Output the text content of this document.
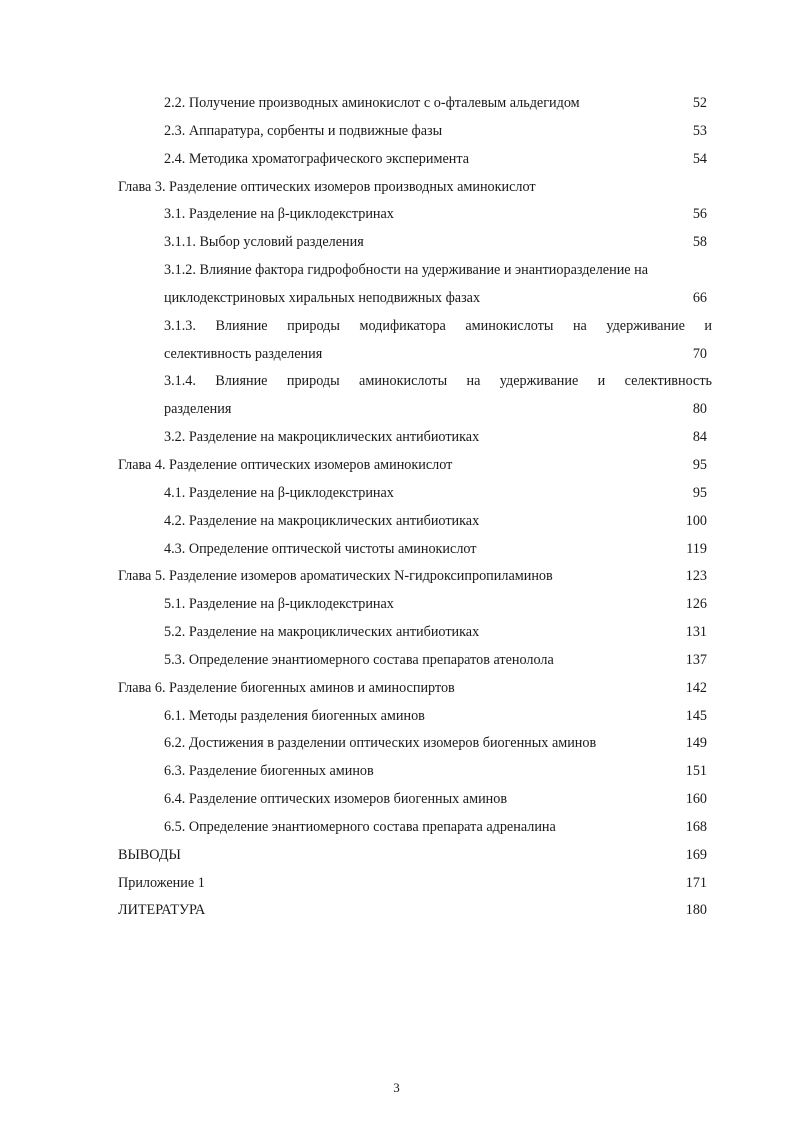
2.2. Получение производных аминокислот с о-фталевым альдегидом	52
2.3. Аппаратура, сорбенты и подвижные фазы	53
2.4. Методика хроматографического эксперимента	54
Глава 3. Разделение оптических изомеров производных аминокислот
3.1. Разделение на β-циклодекстринах	56
3.1.1. Выбор условий разделения	58
3.1.2. Влияние фактора гидрофобности на удерживание и энантиоразделение на
циклодекстриновых хиральных неподвижных фазах	66
3.1.3. Влияние природы модификатора аминокислоты на удерживание и
селективность разделения	70
3.1.4. Влияние природы аминокислоты на удерживание и селективность
разделения	80
3.2. Разделение на макроциклических антибиотиках	84
Глава 4. Разделение оптических изомеров аминокислот	95
4.1. Разделение на β-циклодекстринах	95
4.2. Разделение на макроциклических антибиотиках	100
4.3. Определение оптической чистоты аминокислот	119
Глава 5. Разделение изомеров ароматических N-гидроксипропиламинов	123
5.1. Разделение на β-циклодекстринах	126
5.2. Разделение на макроциклических антибиотиках	131
5.3. Определение энантиомерного состава препаратов атенолола	137
Глава 6. Разделение биогенных аминов и аминоспиртов	142
6.1. Методы разделения биогенных аминов	145
6.2. Достижения в разделении оптических изомеров биогенных аминов	149
6.3. Разделение биогенных аминов	151
6.4. Разделение оптических изомеров биогенных аминов	160
6.5. Определение энантиомерного состава препарата адреналина	168
ВЫВОДЫ	169
Приложение 1	171
ЛИТЕРАТУРА	180
3
